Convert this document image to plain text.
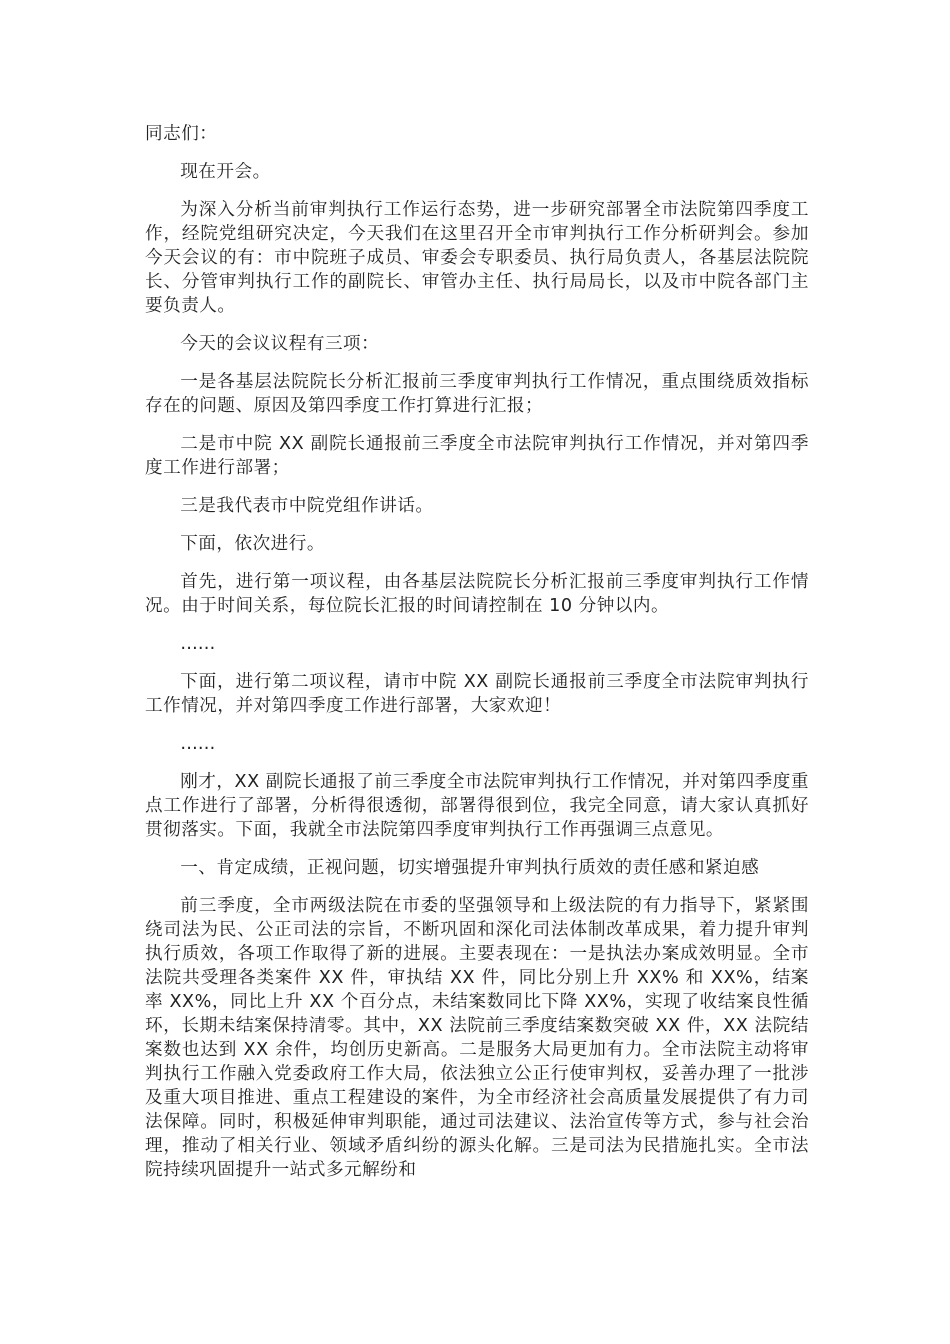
同志们：

现在开会。

为深入分析当前审判执行工作运行态势，进一步研究部署全市法院第四季度工作，经院党组研究决定，今天我们在这里召开全市审判执行工作分析研判会。参加今天会议的有：市中院班子成员、审委会专职委员、执行局负责人，各基层法院院长、分管审判执行工作的副院长、审管办主任、执行局局长，以及市中院各部门主要负责人。

今天的会议议程有三项：

一是各基层法院院长分析汇报前三季度审判执行工作情况，重点围绕质效指标存在的问题、原因及第四季度工作打算进行汇报；

二是市中院 XX 副院长通报前三季度全市法院审判执行工作情况，并对第四季度工作进行部署；

三是我代表市中院党组作讲话。

下面，依次进行。

首先，进行第一项议程，由各基层法院院长分析汇报前三季度审判执行工作情况。由于时间关系，每位院长汇报的时间请控制在 10 分钟以内。

……

下面，进行第二项议程，请市中院 XX 副院长通报前三季度全市法院审判执行工作情况，并对第四季度工作进行部署，大家欢迎！

……

刚才，XX 副院长通报了前三季度全市法院审判执行工作情况，并对第四季度重点工作进行了部署，分析得很透彻，部署得很到位，我完全同意，请大家认真抓好贯彻落实。下面，我就全市法院第四季度审判执行工作再强调三点意见。

一、肯定成绩，正视问题，切实增强提升审判执行质效的责任感和紧迫感

前三季度，全市两级法院在市委的坚强领导和上级法院的有力指导下，紧紧围绕司法为民、公正司法的宗旨，不断巩固和深化司法体制改革成果，着力提升审判执行质效，各项工作取得了新的进展。主要表现在：一是执法办案成效明显。全市法院共受理各类案件 XX 件，审执结 XX 件，同比分别上升 XX% 和 XX%，结案率 XX%，同比上升 XX 个百分点，未结案数同比下降 XX%，实现了收结案良性循环，长期未结案保持清零。其中，XX 法院前三季度结案数突破 XX 件，XX 法院结案数也达到 XX 余件，均创历史新高。二是服务大局更加有力。全市法院主动将审判执行工作融入党委政府工作大局，依法独立公正行使审判权，妥善办理了一批涉及重大项目推进、重点工程建设的案件，为全市经济社会高质量发展提供了有力司法保障。同时，积极延伸审判职能，通过司法建议、法治宣传等方式，参与社会治理，推动了相关行业、领域矛盾纠纷的源头化解。三是司法为民措施扎实。全市法院持续巩固提升一站式多元解纷和
